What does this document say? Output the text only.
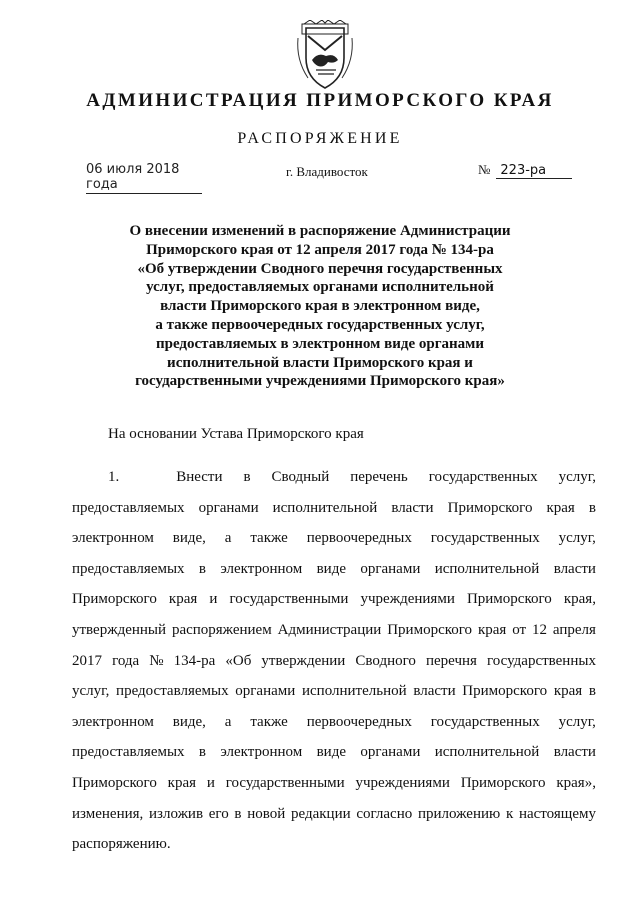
АДМИНИСТРАЦИЯ ПРИМОРСКОГО КРАЯ
РАСПОРЯЖЕНИЕ
06 июля 2018 года
г. Владивосток	№ 223-ра
О внесении изменений в распоряжение Администрации
Приморского края от 12 апреля 2017 года № 134-ра
«Об утверждении Сводного перечня государственных
услуг, предоставляемых органами исполнительной
власти Приморского края в электронном виде,
а также первоочередных государственных услуг,
предоставляемых в электронном виде органами
исполнительной власти Приморского края и
государственными учреждениями Приморского края»
На основании Устава Приморского края
1.	Внести в Сводный перечень государственных услуг,
предоставляемых органами исполнительной власти Приморского края в
электронном виде, а также первоочередных государственных услуг,
предоставляемых в электронном виде органами исполнительной власти
Приморского края и государственными учреждениями Приморского края,
утвержденный распоряжением Администрации Приморского края от 12 апреля
2017 года № 134-ра «Об утверждении Сводного перечня государственных
услуг, предоставляемых органами исполнительной власти Приморского края в
электронном виде, а также первоочередных государственных услуг,
предоставляемых в электронном виде органами исполнительной власти
Приморского края и государственными учреждениями Приморского края»,
изменения, изложив его в новой редакции согласно приложению к настоящему
распоряжению.
